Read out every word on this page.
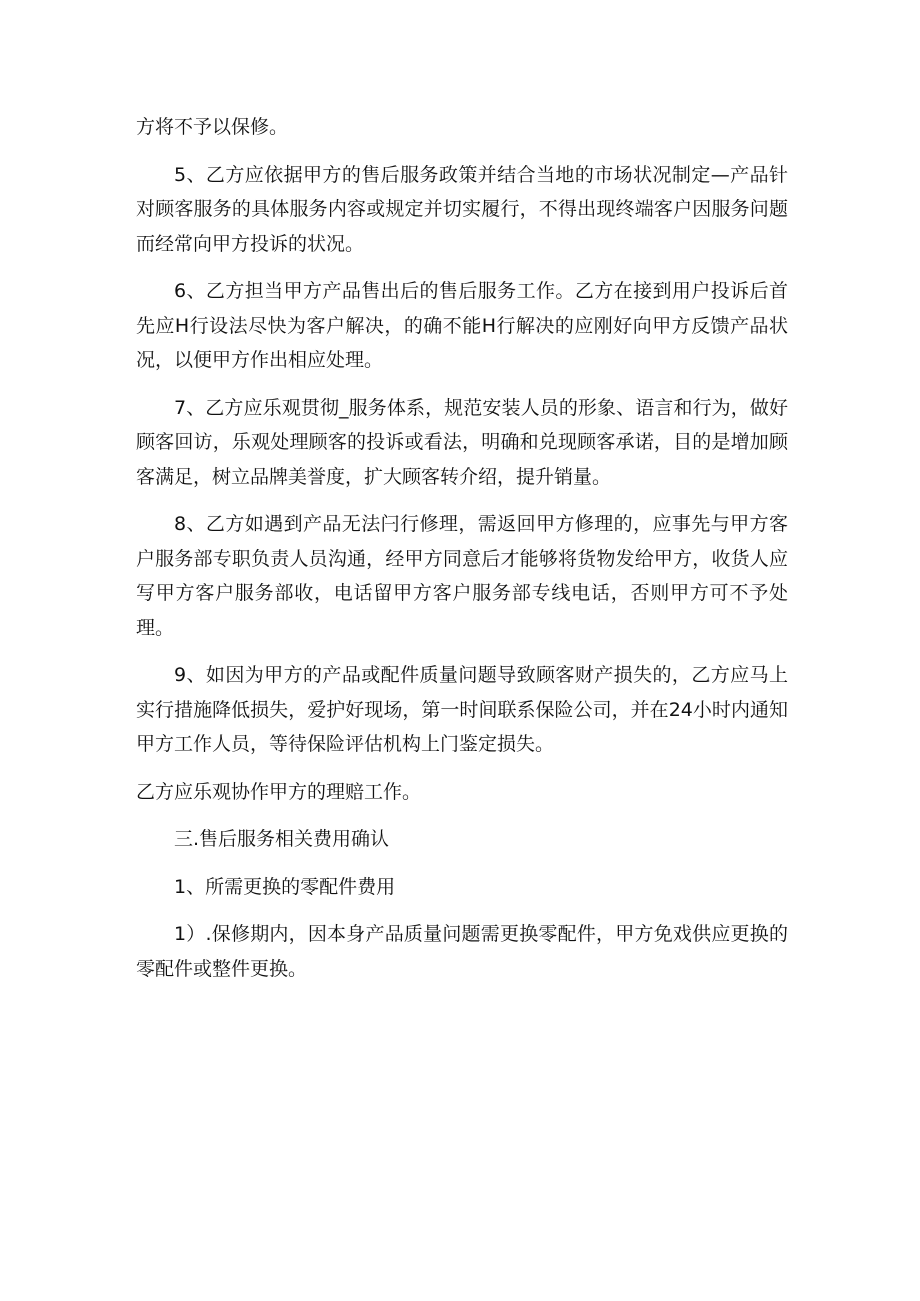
方将不予以保修。

5、乙方应依据甲方的售后服务政策并结合当地的市场状况制定—产品针对顾客服务的具体服务内容或规定并切实履行，不得出现终端客户因服务问题而经常向甲方投诉的状况。

6、乙方担当甲方产品售出后的售后服务工作。乙方在接到用户投诉后首先应H行设法尽快为客户解决，的确不能H行解决的应刚好向甲方反馈产品状况，以便甲方作出相应处理。

7、乙方应乐观贯彻_服务体系，规范安装人员的形象、语言和行为，做好顾客回访，乐观处理顾客的投诉或看法，明确和兑现顾客承诺，目的是增加顾客满足，树立品牌美誉度，扩大顾客转介绍，提升销量。

8、乙方如遇到产品无法闩行修理，需返回甲方修理的，应事先与甲方客户服务部专职负责人员沟通，经甲方同意后才能够将货物发给甲方，收货人应写甲方客户服务部收，电话留甲方客户服务部专线电话，否则甲方可不予处理。

9、如因为甲方的产品或配件质量问题导致顾客财产损失的，乙方应马上实行措施降低损失，爱护好现场，第一时间联系保险公司，并在24小时内通知甲方工作人员，等待保险评估机构上门鉴定损失。

乙方应乐观协作甲方的理赔工作。

三.售后服务相关费用确认

1、所需更换的零配件费用

1）.保修期内，因本身产品质量问题需更换零配件，甲方免戏供应更换的零配件或整件更换。
